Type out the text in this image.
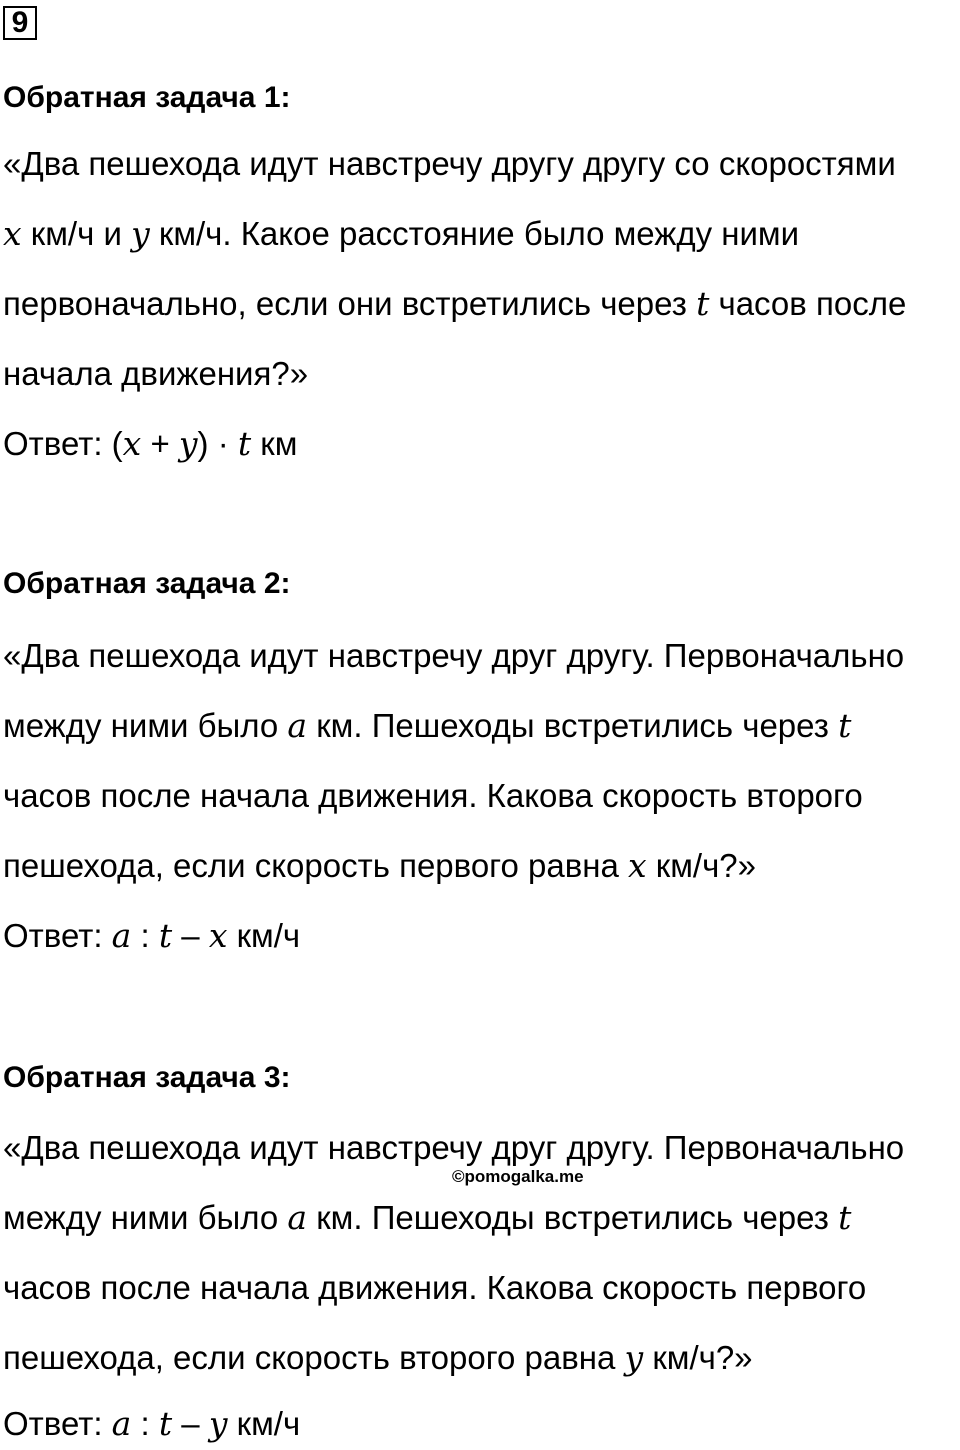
9
Обратная задача 1:
«Два пешехода идут навстречу другу другу со скоростями
x км/ч и y км/ч. Какое расстояние было между ними
первоначально, если они встретились через t часов после
начала движения?»
Ответ: (x + y) · t км
Обратная задача 2:
«Два пешехода идут навстречу друг другу. Первоначально
между ними было a км. Пешеходы встретились через t
часов после начала движения. Какова скорость второго
пешехода, если скорость первого равна x км/ч?»
Ответ: a : t – x км/ч
Обратная задача 3:
«Два пешехода идут навстречу друг другу. Первоначально
©pomogalka.me
между ними было a км. Пешеходы встретились через t
часов после начала движения. Какова скорость первого
пешехода, если скорость второго равна y км/ч?»
Ответ: a : t – y км/ч
